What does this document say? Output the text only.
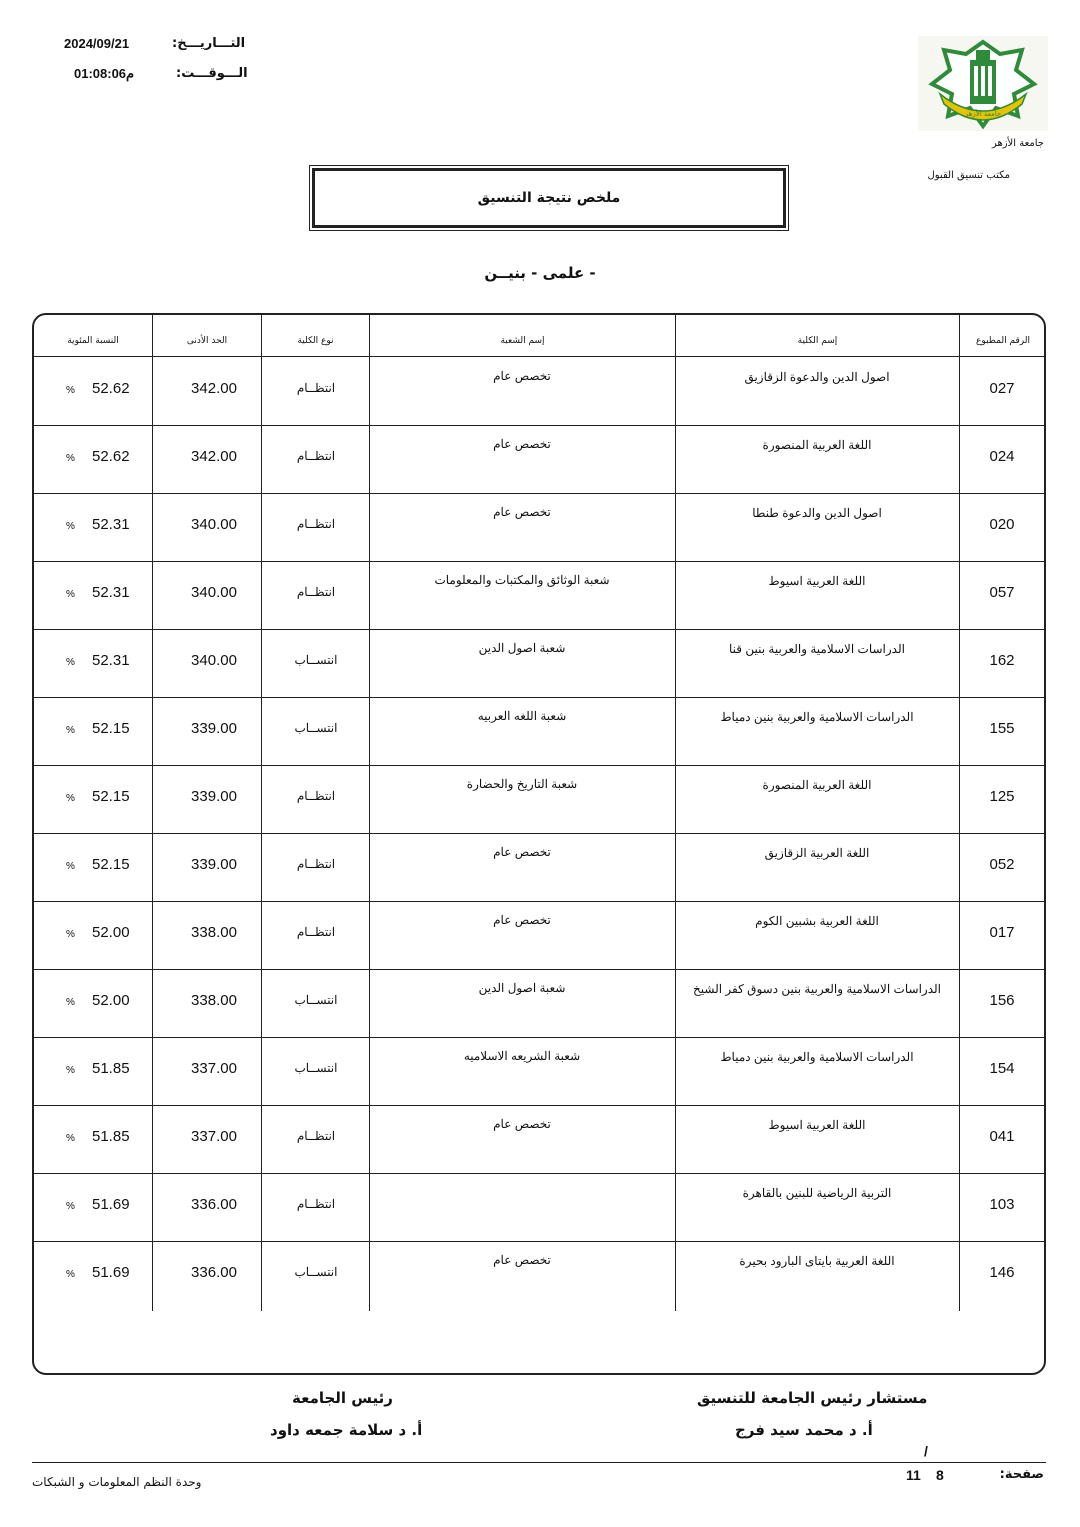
التـــاريـــخ:
2024/09/21
الـــوقـــت:
م01:08:06
جامعة الأزهر
جامعة الأزهر
مكتب تنسيق القبول
ملخص نتيجة التنسيق
- علمى - بنيــن
الرقم المطبوع
إسم الكلية
إسم الشعبة
نوع الكلية
الحد الأدنى
النسبة المئوية
027
اصول الدين والدعوة الزقازيق
تخصص عام
انتظــام
342.00
52.62
%
024
اللغة العربية المنصورة
تخصص عام
انتظــام
342.00
52.62
%
020
اصول الدين والدعوة طنطا
تخصص عام
انتظــام
340.00
52.31
%
057
اللغة العربية اسيوط
شعبة الوثائق والمكتبات والمعلومات
انتظــام
340.00
52.31
%
162
الدراسات الاسلامية والعربية بنين قنا
شعبة اصول الدين
انتســاب
340.00
52.31
%
155
الدراسات الاسلامية والعربية بنين دمياط
شعبة اللغه العربيه
انتســاب
339.00
52.15
%
125
اللغة العربية المنصورة
شعبة التاريخ والحضارة
انتظــام
339.00
52.15
%
052
اللغة العربية الزقازيق
تخصص عام
انتظــام
339.00
52.15
%
017
اللغة العربية بشبين الكوم
تخصص عام
انتظــام
338.00
52.00
%
156
الدراسات الاسلامية والعربية بنين دسوق كفر الشيخ
شعبة اصول الدين
انتســاب
338.00
52.00
%
154
الدراسات الاسلامية والعربية بنين دمياط
شعبة الشريعه الاسلاميه
انتســاب
337.00
51.85
%
041
اللغة العربية اسيوط
تخصص عام
انتظــام
337.00
51.85
%
103
التربية الرياضية للبنين بالقاهرة
انتظــام
336.00
51.69
%
146
اللغة العربية بايتاى البارود بحيرة
تخصص عام
انتســاب
336.00
51.69
%
رئيس الجامعة
أ. د سلامة جمعه داود
مستشار رئيس الجامعة للتنسيق
أ. د محمد سيد فرج
/
وحدة النظم المعلومات و الشبكات	11 8	صفحة:
